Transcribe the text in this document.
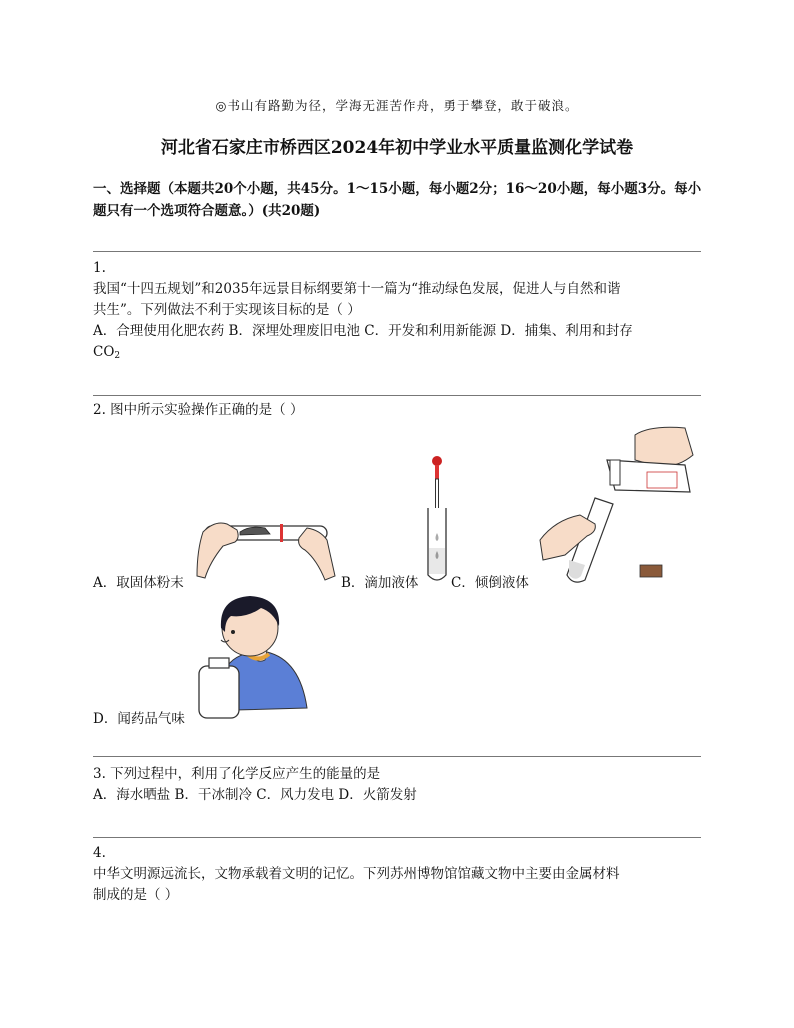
◎书山有路勤为径，学海无涯苦作舟，勇于攀登，敢于破浪。
河北省石家庄市桥西区2024年初中学业水平质量监测化学试卷
一、选择题（本题共20个小题，共45分。1～15小题，每小题2分；16～20小题，每小题3分。每小题只有一个选项符合题意。）(共20题)
1.
我国“十四五规划”和2035年远景目标纲要第十一篇为“推动绿色发展，促进人与自然和谐
共生”。下列做法不利于实现该目标的是（ ）
A．合理使用化肥农药 B．深埋处理废旧电池 C．开发和利用新能源 D．捕集、利用和封存
$CO_2$
2. 图中所示实验操作正确的是（ ）
A．取固体粉末	B．滴加液体 C．倾倒液体
D．闻药品气味
3. 下列过程中，利用了化学反应产生的能量的是
A．海水晒盐 B．干冰制冷 C．风力发电 D．火箭发射
4.
中华文明源远流长，文物承载着文明的记忆。下列苏州博物馆馆藏文物中主要由金属材料
制成的是（ ）
